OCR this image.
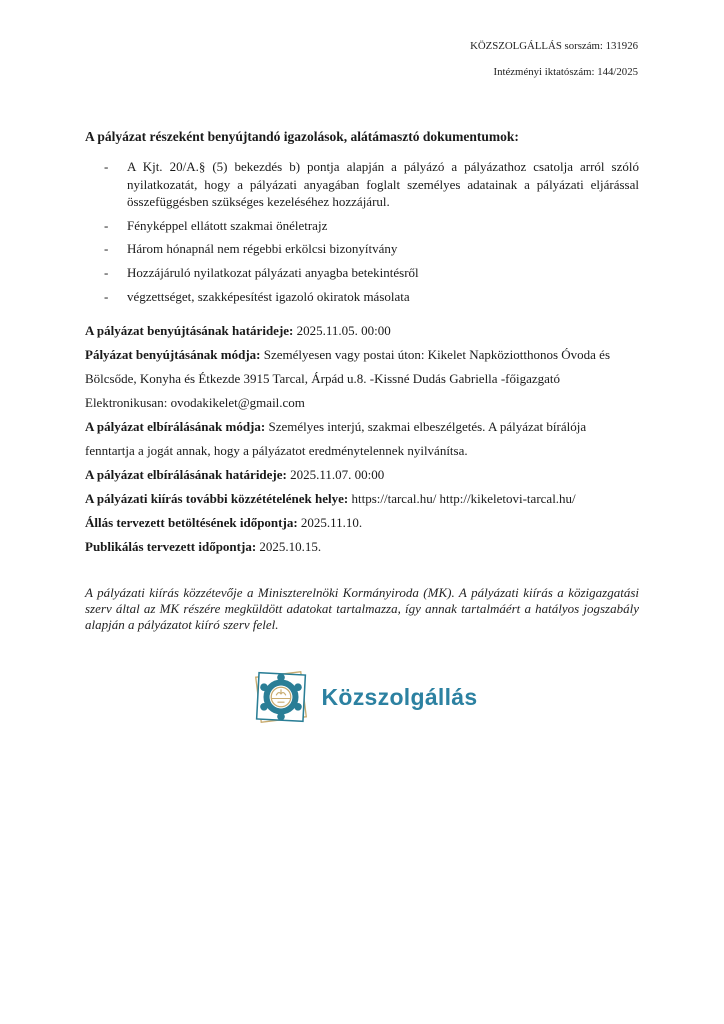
KÖZSZOLGÁLLÁS sorszám: 131926
Intézményi iktatószám: 144/2025
A pályázat részeként benyújtandó igazolások, alátámasztó dokumentumok:
- A Kjt. 20/A.§ (5) bekezdés b) pontja alapján a pályázó a pályázathoz csatolja arról szóló nyilatkozatát, hogy a pályázati anyagában foglalt személyes adatainak a pályázati eljárással összefüggésben szükséges kezeléséhez hozzájárul.
- Fényképpel ellátott szakmai önéletrajz
- Három hónapnál nem régebbi erkölcsi bizonyítvány
- Hozzájáruló nyilatkozat pályázati anyagba betekintésről
- végzettséget, szakképesítést igazoló okiratok másolata

A pályázat benyújtásának határideje: 2025.11.05. 00:00

Pályázat benyújtásának módja: Személyesen vagy postai úton: Kikelet Napköziotthonos Óvoda és Bölcsőde, Konyha és Étkezde 3915 Tarcal, Árpád u.8. -Kissné Dudás Gabriella -főigazgató Elektronikusan: ovodakikelet@gmail.com

A pályázat elbírálásának módja: Személyes interjú, szakmai elbeszélgetés. A pályázat bírálója fenntartja a jogát annak, hogy a pályázatot eredménytelennek nyilvánítsa.

A pályázat elbírálásának határideje: 2025.11.07. 00:00

A pályázati kiírás további közzétételének helye: https://tarcal.hu/ http://kikeletovi-tarcal.hu/

Állás tervezett betöltésének időpontja: 2025.11.10.

Publikálás tervezett időpontja: 2025.10.15.

A pályázati kiírás közzétevője a Miniszterelnöki Kormányiroda (MK). A pályázati kiírás a közigazgatási szerv által az MK részére megküldött adatokat tartalmazza, így annak tartalmáért a hatályos jogszabály alapján a pályázatot kiíró szerv felel.

Közszolgállás
